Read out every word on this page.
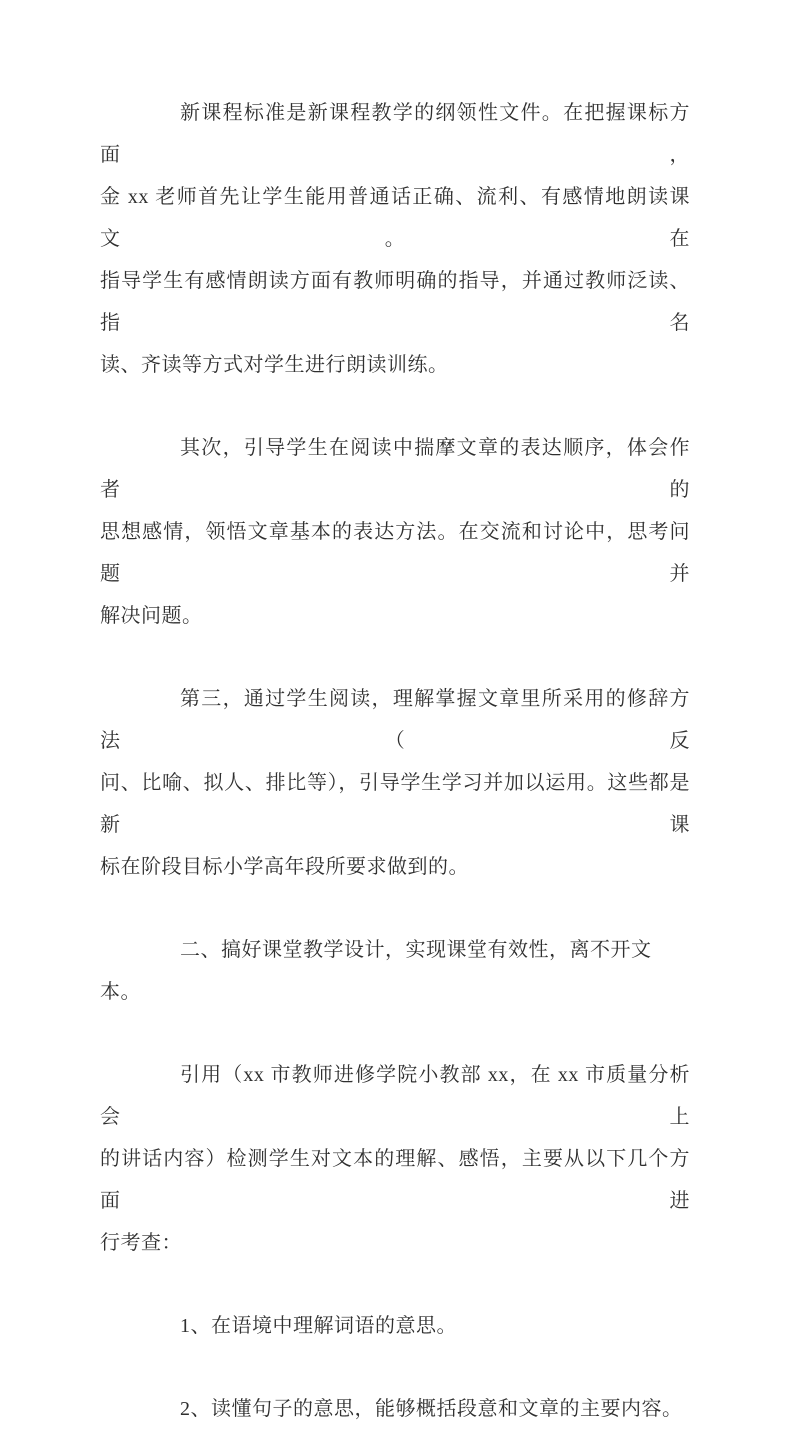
新课程标准是新课程教学的纲领性文件。在把握课标方面，
金 xx 老师首先让学生能用普通话正确、流利、有感情地朗读课文。在
指导学生有感情朗读方面有教师明确的指导，并通过教师泛读、指名
读、齐读等方式对学生进行朗读训练。
其次，引导学生在阅读中揣摩文章的表达顺序，体会作者的
思想感情，领悟文章基本的表达方法。在交流和讨论中，思考问题并
解决问题。
第三，通过学生阅读，理解掌握文章里所采用的修辞方法（反
问、比喻、拟人、排比等），引导学生学习并加以运用。这些都是新课
标在阶段目标小学高年段所要求做到的。
二、搞好课堂教学设计，实现课堂有效性，离不开文本。
引用（xx 市教师进修学院小教部 xx，在 xx 市质量分析会上
的讲话内容）检测学生对文本的理解、感悟，主要从以下几个方面进
行考查：
1、在语境中理解词语的意思。
2、读懂句子的意思，能够概括段意和文章的主要内容。
